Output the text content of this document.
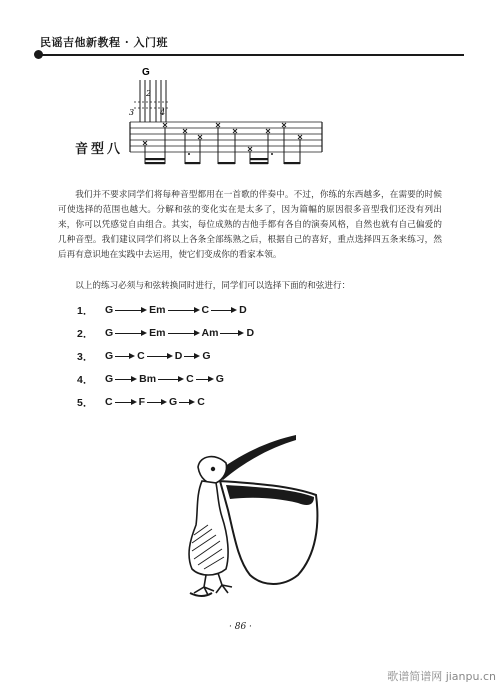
民谣吉他新教程 · 入门班
G
3
2
4
音型八

我们并不要求同学们将每种音型都用在一首歌的伴奏中。不过，你练的东西越多，在需要的时候可使选择的范围也越大。分解和弦的变化实在是太多了，因为篇幅的原因很多音型我们还没有列出来，你可以凭感觉自由组合。其实，每位成熟的吉他手都有各自的演奏风格，自然也就有自己偏爱的几种音型。我们建议同学们将以上各条全部练熟之后，根据自己的喜好，重点选择四五条来练习，然后再有意识地在实践中去运用，使它们变成你的看家本领。

以上的练习必须与和弦转换同时进行，同学们可以选择下面的和弦进行：

1．	G	Em	C	D
2．	G	Em	Am	D
3．	G C	D G
4．	G Bm	C G
5．	C F G C
· 86 ·
歌谱简谱网 jianpu.cn
